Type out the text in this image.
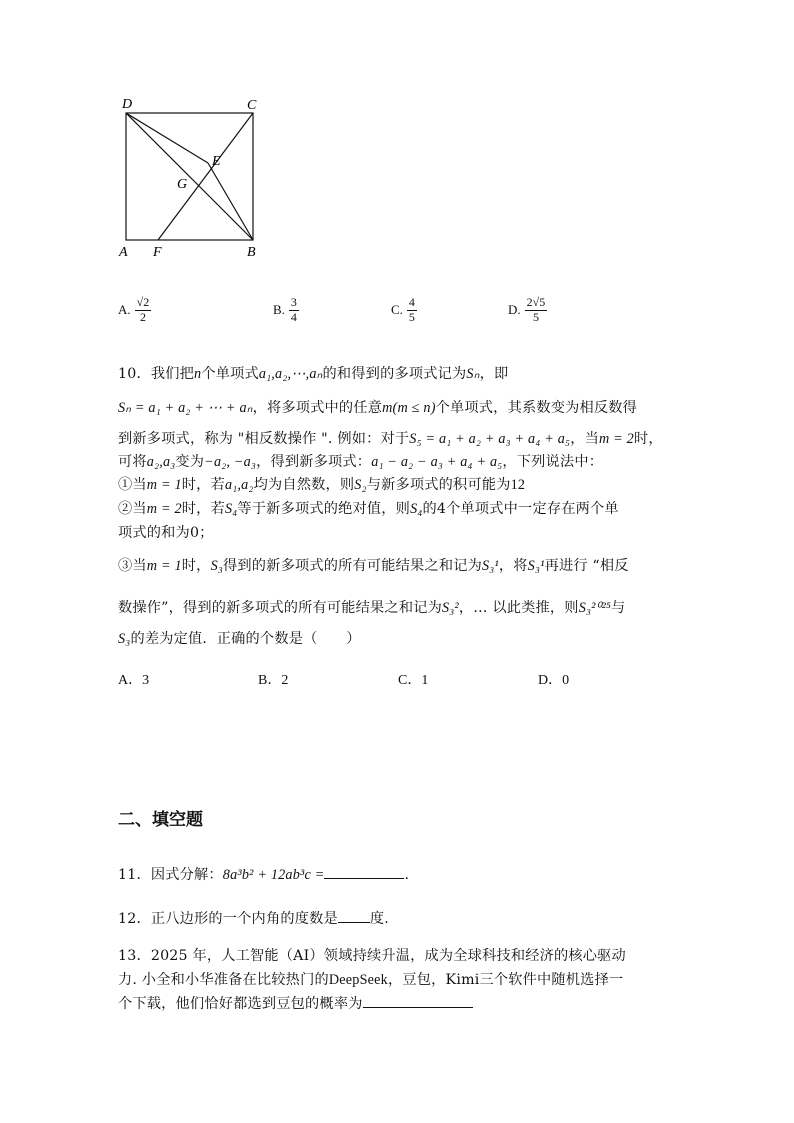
D	C
E
G
A F	B
A. $\frac{√2}{2}$	B. $\frac{3}{4}$	C. $\frac{4}{5}$	D. $\frac{2√5}{5}$
10．我们把n个单项式a₁,a₂,⋯,aₙ的和得到的多项式记为Sₙ，即
Sₙ = a₁ + a₂ + ⋯ + aₙ，将多项式中的任意m(m ≤ n)个单项式，其系数变为相反数得
到新多项式，称为 "相反数操作 ". 例如：对于S₅ = a₁ + a₂ + a₃ + a₄ + a₅，当m = 2时，
可将a₂,a₃变为−a₂, −a₃，得到新多项式：a₁ − a₂ − a₃ + a₄ + a₅，下列说法中：
①当m = 1时，若a₁,a₂均为自然数，则S₂与新多项式的积可能为12
②当m = 2时，若S₄等于新多项式的绝对值，则S₄的4个单项式中一定存在两个单
项式的和为0；
③当m = 1时，S₃得到的新多项式的所有可能结果之和记为S₃¹，将S₃¹再进行 “相反
数操作”，得到的新多项式的所有可能结果之和记为S₃²，… 以此类推，则S₃²⁰²⁵与
S₃的差为定值．正确的个数是（　　）
A．3	B．2	C．1	D．0
二、填空题
11．因式分解：8a³b² + 12ab³c =	.
12．正八边形的一个内角的度数是 度.
13．2025 年，人工智能（AI）领域持续升温，成为全球科技和经济的核心驱动
力. 小全和小华准备在比较热门的DeepSeek，豆包，Kimi三个软件中随机选择一
个下载，他们恰好都选到豆包的概率为
